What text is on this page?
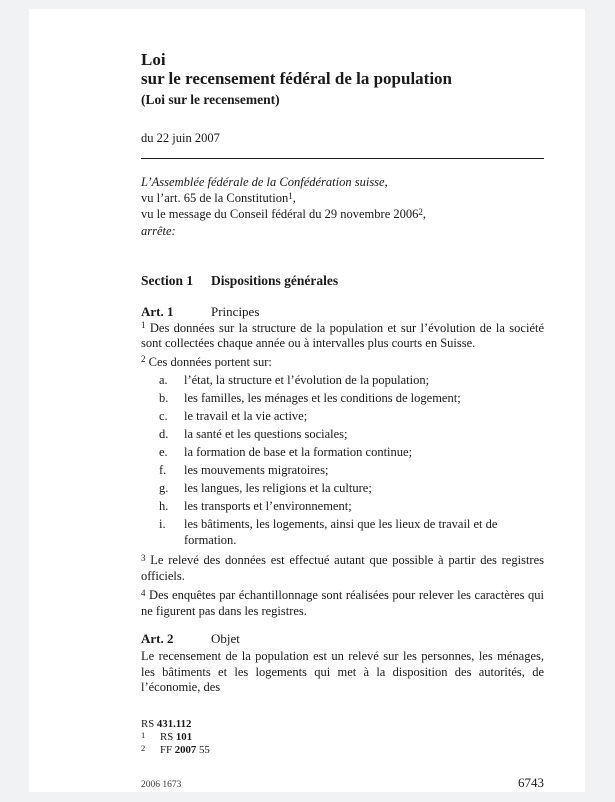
Loi
sur le recensement fédéral de la population
(Loi sur le recensement)
du 22 juin 2007
L’Assemblée fédérale de la Confédération suisse,
vu l’art. 65 de la Constitution$^1$,
vu le message du Conseil fédéral du 29 novembre 2006$^2$,
arrête:
Section 1 Dispositions générales
Art. 1	Principes

$^1$ Des données sur la structure de la population et sur l’évolution de la société sont collectées chaque année ou à intervalles plus courts en Suisse.

$^2$ Ces données portent sur:

a.	l’état, la structure et l’évolution de la population;
b.	les familles, les ménages et les conditions de logement;
c.	le travail et la vie active;
d.	la santé et les questions sociales;
e.	la formation de base et la formation continue;
f.	les mouvements migratoires;
g.	les langues, les religions et la culture;
h.	les transports et l’environnement;
i.	les bâtiments, les logements, ainsi que les lieux de travail et de formation.

$^3$ Le relevé des données est effectué autant que possible à partir des registres officiels.

$^4$ Des enquêtes par échantillonnage sont réalisées pour relever les caractères qui ne figurent pas dans les registres.

Art. 2	Objet

Le recensement de la population est un relevé sur les personnes, les ménages, les bâtiments et les logements qui met à la disposition des autorités, de l’économie, des

RS 431.112
1	RS 101
2	FF 2007 55
2006 1673	6743
